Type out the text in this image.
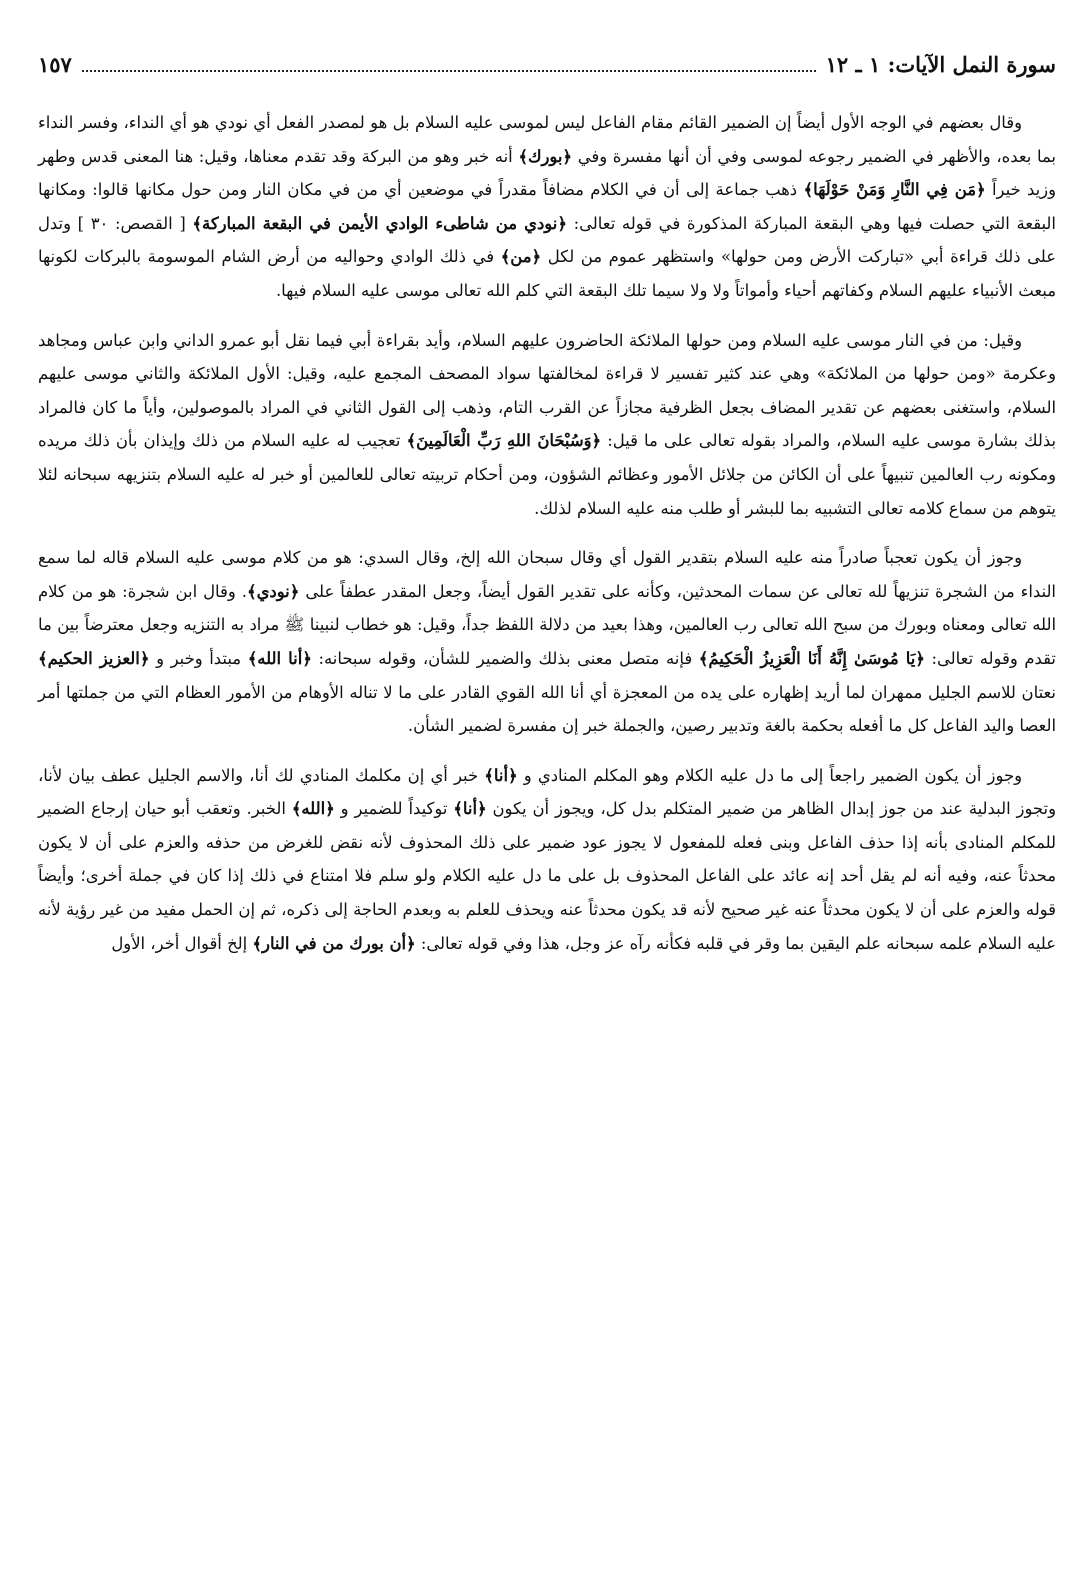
سورة النمل الآيات: ١ ـ ١٢
١٥٧

وقال بعضهم في الوجه الأول أيضاً إن الضمير القائم مقام الفاعل ليس لموسى عليه السلام بل هو لمصدر الفعل أي نودي هو أي النداء، وفسر النداء بما بعده، والأظهر في الضمير رجوعه لموسى وفي أن أنها مفسرة وفي ﴿بورك﴾ أنه خبر وهو من البركة وقد تقدم معناها، وقيل: هنا المعنى قدس وطهر وزيد خيراً ﴿مَن فِي النَّارِ وَمَنْ حَوْلَهَا﴾ ذهب جماعة إلى أن في الكلام مضافاً مقدراً في موضعين أي من في مكان النار ومن حول مكانها قالوا: ومكانها البقعة التي حصلت فيها وهي البقعة المباركة المذكورة في قوله تعالى: ﴿نودي من شاطىء الوادي الأيمن في البقعة المباركة﴾ [ القصص: ٣٠ ] وتدل على ذلك قراءة أبي «تباركت الأرض ومن حولها» واستظهر عموم من لكل ﴿من﴾ في ذلك الوادي وحواليه من أرض الشام الموسومة بالبركات لكونها مبعث الأنبياء عليهم السلام وكفاتهم أحياء وأمواتاً ولا ولا سيما تلك البقعة التي كلم الله تعالى موسى عليه السلام فيها.

وقيل: من في النار موسى عليه السلام ومن حولها الملائكة الحاضرون عليهم السلام، وأيد بقراءة أبي فيما نقل أبو عمرو الداني وابن عباس ومجاهد وعكرمة «ومن حولها من الملائكة» وهي عند كثير تفسير لا قراءة لمخالفتها سواد المصحف المجمع عليه، وقيل: الأول الملائكة والثاني موسى عليهم السلام، واستغنى بعضهم عن تقدير المضاف بجعل الظرفية مجازاً عن القرب التام، وذهب إلى القول الثاني في المراد بالموصولين، وأياً ما كان فالمراد بذلك بشارة موسى عليه السلام، والمراد بقوله تعالى على ما قيل: ﴿وَسُبْحَانَ اللهِ رَبِّ الْعَالَمِينَ﴾ تعجيب له عليه السلام من ذلك وإيذان بأن ذلك مريده ومكونه رب العالمين تنبيهاً على أن الكائن من جلائل الأمور وعظائم الشؤون، ومن أحكام تربيته تعالى للعالمين أو خبر له عليه السلام بتنزيهه سبحانه لئلا يتوهم من سماع كلامه تعالى التشبيه بما للبشر أو طلب منه عليه السلام لذلك.

وجوز أن يكون تعجباً صادراً منه عليه السلام بتقدير القول أي وقال سبحان الله إلخ، وقال السدي: هو من كلام موسى عليه السلام قاله لما سمع النداء من الشجرة تنزيهاً لله تعالى عن سمات المحدثين، وكأنه على تقدير القول أيضاً، وجعل المقدر عطفاً على ﴿نودي﴾. وقال ابن شجرة: هو من كلام الله تعالى ومعناه وبورك من سبح الله تعالى رب العالمين، وهذا بعيد من دلالة اللفظ جداً، وقيل: هو خطاب لنبينا ﷺ مراد به التنزيه وجعل معترضاً بين ما تقدم وقوله تعالى: ﴿يَا مُوسَىٰ إِنَّهُ أَنَا الْعَزِيزُ الْحَكِيمُ﴾ فإنه متصل معنى بذلك والضمير للشأن، وقوله سبحانه: ﴿أنا الله﴾ مبتدأ وخبر و ﴿العزيز الحكيم﴾ نعتان للاسم الجليل ممهران لما أريد إظهاره على يده من المعجزة أي أنا الله القوي القادر على ما لا تناله الأوهام من الأمور العظام التي من جملتها أمر العصا واليد الفاعل كل ما أفعله بحكمة بالغة وتدبير رصين، والجملة خبر إن مفسرة لضمير الشأن.

وجوز أن يكون الضمير راجعاً إلى ما دل عليه الكلام وهو المكلم المنادي و ﴿أنا﴾ خبر أي إن مكلمك المنادي لك أنا، والاسم الجليل عطف بيان لأنا، وتجوز البدلية عند من جوز إبدال الظاهر من ضمير المتكلم بدل كل، ويجوز أن يكون ﴿أنا﴾ توكيداً للضمير و ﴿الله﴾ الخبر. وتعقب أبو حيان إرجاع الضمير للمكلم المنادى بأنه إذا حذف الفاعل وبنى فعله للمفعول لا يجوز عود ضمير على ذلك المحذوف لأنه نقض للغرض من حذفه والعزم على أن لا يكون محدثاً عنه، وفيه أنه لم يقل أحد إنه عائد على الفاعل المحذوف بل على ما دل عليه الكلام ولو سلم فلا امتناع في ذلك إذا كان في جملة أخرى؛ وأيضاً قوله والعزم على أن لا يكون محدثاً عنه غير صحيح لأنه قد يكون محدثاً عنه ويحذف للعلم به وبعدم الحاجة إلى ذكره، ثم إن الحمل مفيد من غير رؤية لأنه عليه السلام علمه سبحانه علم اليقين بما وقر في قلبه فكأنه رآه عز وجل، هذا وفي قوله تعالى: ﴿أن بورك من في النار﴾ إلخ أقوال أخر، الأول
